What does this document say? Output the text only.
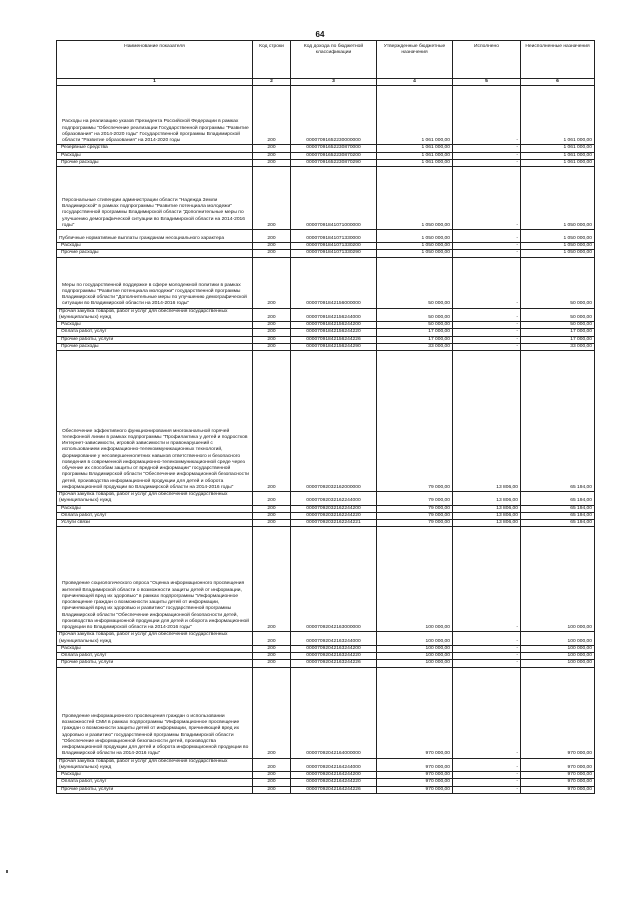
64
Наименование показателя	Код строки	Код дохода по бюджетной классификации	Утвержденные бюджетные назначения	Исполнено	Неисполненные назначения
1	2	3	4	5	6
Расходы на реализацию указов Президента Российской Федерации в рамках подпрограммы "Обеспечение реализации Государственной программы "Развитие образования" на 2014-2020 годы" Государственной программы Владимирской области "Развитие образования" на 2014-2020 годы	200	00007091652230000000	1 061 000,00	-	1 061 000,00
Резервные средства	200	00007091652230870000	1 061 000,00	-	1 061 000,00
Расходы	200	00007091652230870200	1 061 000,00	-	1 061 000,00
Прочие расходы	200	00007091652230870290	1 061 000,00	-	1 061 000,00
Персональные стипендии администрации области "Надежда Земли Владимирской" в рамках подпрограммы "Развитие потенциала молодежи" государственной программы Владимирской области "Дополнительные меры по улучшению демографической ситуации во Владимирской области на 2014-2016 годы"	200	00007091841071000000	1 050 000,00	-	1 050 000,00
Публичные нормативные выплаты гражданам несоциального характера	200	00007091841071330000	1 050 000,00	-	1 050 000,00
Расходы	200	00007091841071330200	1 050 000,00	-	1 050 000,00
Прочие расходы	200	00007091841071330290	1 050 000,00	-	1 050 000,00
Меры по государственной поддержке в сфере молодежной политики в рамках подпрограммы "Развитие потенциала молодежи" государственной программы Владимирской области "Дополнительные меры по улучшению демографической ситуации во Владимирской области на 2014-2016 годы"	200	00007091842156000000	50 000,00	-	50 000,00
Прочая закупка товаров, работ и услуг для обеспечения государственных (муниципальных) нужд	200	00007091842156244000	50 000,00	-	50 000,00
Расходы	200	00007091842156244200	50 000,00	-	50 000,00
Оплата работ, услуг	200	00007091842156244220	17 000,00	-	17 000,00
Прочие работы, услуги	200	00007091842156244226	17 000,00	-	17 000,00
Прочие расходы	200	00007091842156244290	33 000,00	-	33 000,00
Обеспечение эффективного функционирования многоканальной горячей телефонной линии в рамках подпрограммы "Профилактика у детей и подростков Интернет-зависимости, игровой зависимости и правонарушений с использованием информационно-телекоммуникационных технологий, формирование у несовершеннолетних навыков ответственного и безопасного поведения в современной информационно-телекоммуникационной среде через обучение их способам защиты от вредной информации" государственной программы Владимирской области "Обеспечение информационной безопасности детей, производства информационной продукции для детей и оборота информационной продукции во Владимирской области на 2014-2016 годы"	200	00007092032162000000	79 000,00	13 806,00	65 194,00
Прочая закупка товаров, работ и услуг для обеспечения государственных (муниципальных) нужд	200	00007092032162244000	79 000,00	13 806,00	65 194,00
Расходы	200	00007092032162244200	79 000,00	13 806,00	65 194,00
Оплата работ, услуг	200	00007092032162244220	79 000,00	13 806,00	65 194,00
Услуги связи	200	00007092032162244221	79 000,00	13 806,00	65 194,00
Проведение социологического опроса "Оценка информационного просвещения жителей Владимирской области о возможности защиты детей от информации, причиняющей вред их здоровью" в рамках подпрограммы "Информационное просвещение граждан о возможности защиты детей от информации, причиняющей вред их здоровью и развитию" государственной программы Владимирской области "Обеспечение информационной безопасности детей, производства информационной продукции для детей и оборота информационной продукции во Владимирской области на 2014-2016 годы"	200	00007092042163000000	100 000,00	-	100 000,00
Прочая закупка товаров, работ и услуг для обеспечения государственных (муниципальных) нужд	200	00007092042163244000	100 000,00	-	100 000,00
Расходы	200	00007092042163244200	100 000,00	-	100 000,00
Оплата работ, услуг	200	00007092042163244220	100 000,00	-	100 000,00
Прочие работы, услуги	200	00007092042163244226	100 000,00	-	100 000,00
Проведение информационного просвещения граждан о использовании возможностей СМИ в рамках подпрограммы "Информационное просвещение граждан о возможности защиты детей от информации, причиняющей вред их здоровью и развитию" государственной программы Владимирской области "Обеспечение информационной безопасности детей, производства информационной продукции для детей и оборота информационной продукции во Владимирской области на 2014-2016 годы"	200	00007092042164000000	970 000,00	-	970 000,00
Прочая закупка товаров, работ и услуг для обеспечения государственных (муниципальных) нужд	200	00007092042164244000	970 000,00	-	970 000,00
Расходы	200	00007092042164244200	970 000,00	-	970 000,00
Оплата работ, услуг	200	00007092042164244220	970 000,00	-	970 000,00
Прочие работы, услуги	200	00007092042164244226	970 000,00	-	970 000,00
